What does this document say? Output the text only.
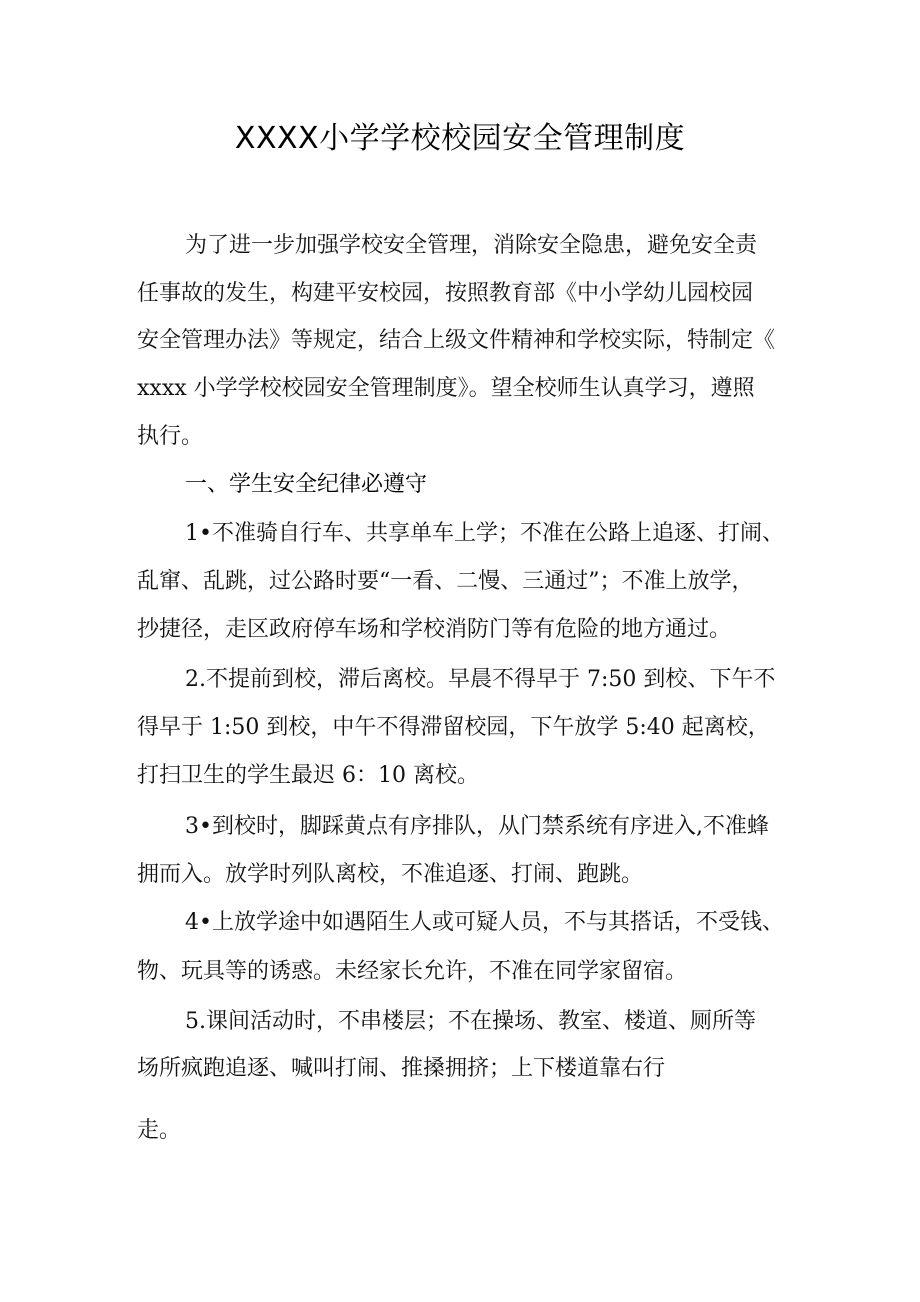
XXXX小学学校校园安全管理制度
为了进一步加强学校安全管理，消除安全隐患，避免安全责
任事故的发生，构建平安校园，按照教育部《中小学幼儿园校园
安全管理办法》等规定，结合上级文件精神和学校实际，特制定《
xxxx 小学学校校园安全管理制度》。望全校师生认真学习，遵照
执行。
一、学生安全纪律必遵守
1•不准骑自行车、共享单车上学；不准在公路上追逐、打闹、
乱窜、乱跳，过公路时要“一看、二慢、三通过”；不准上放学，
抄捷径，走区政府停车场和学校消防门等有危险的地方通过。
2.不提前到校，滞后离校。早晨不得早于 7:50 到校、下午不
得早于 1:50 到校，中午不得滞留校园，下午放学 5:40 起离校，
打扫卫生的学生最迟 6：10 离校。
3•到校时，脚踩黄点有序排队，从门禁系统有序进入,不准蜂
拥而入。放学时列队离校，不准追逐、打闹、跑跳。
4•上放学途中如遇陌生人或可疑人员，不与其搭话，不受钱、
物、玩具等的诱惑。未经家长允许，不准在同学家留宿。
5.课间活动时，不串楼层；不在操场、教室、楼道、厕所等
场所疯跑追逐、喊叫打闹、推搡拥挤；上下楼道靠右行
走。
